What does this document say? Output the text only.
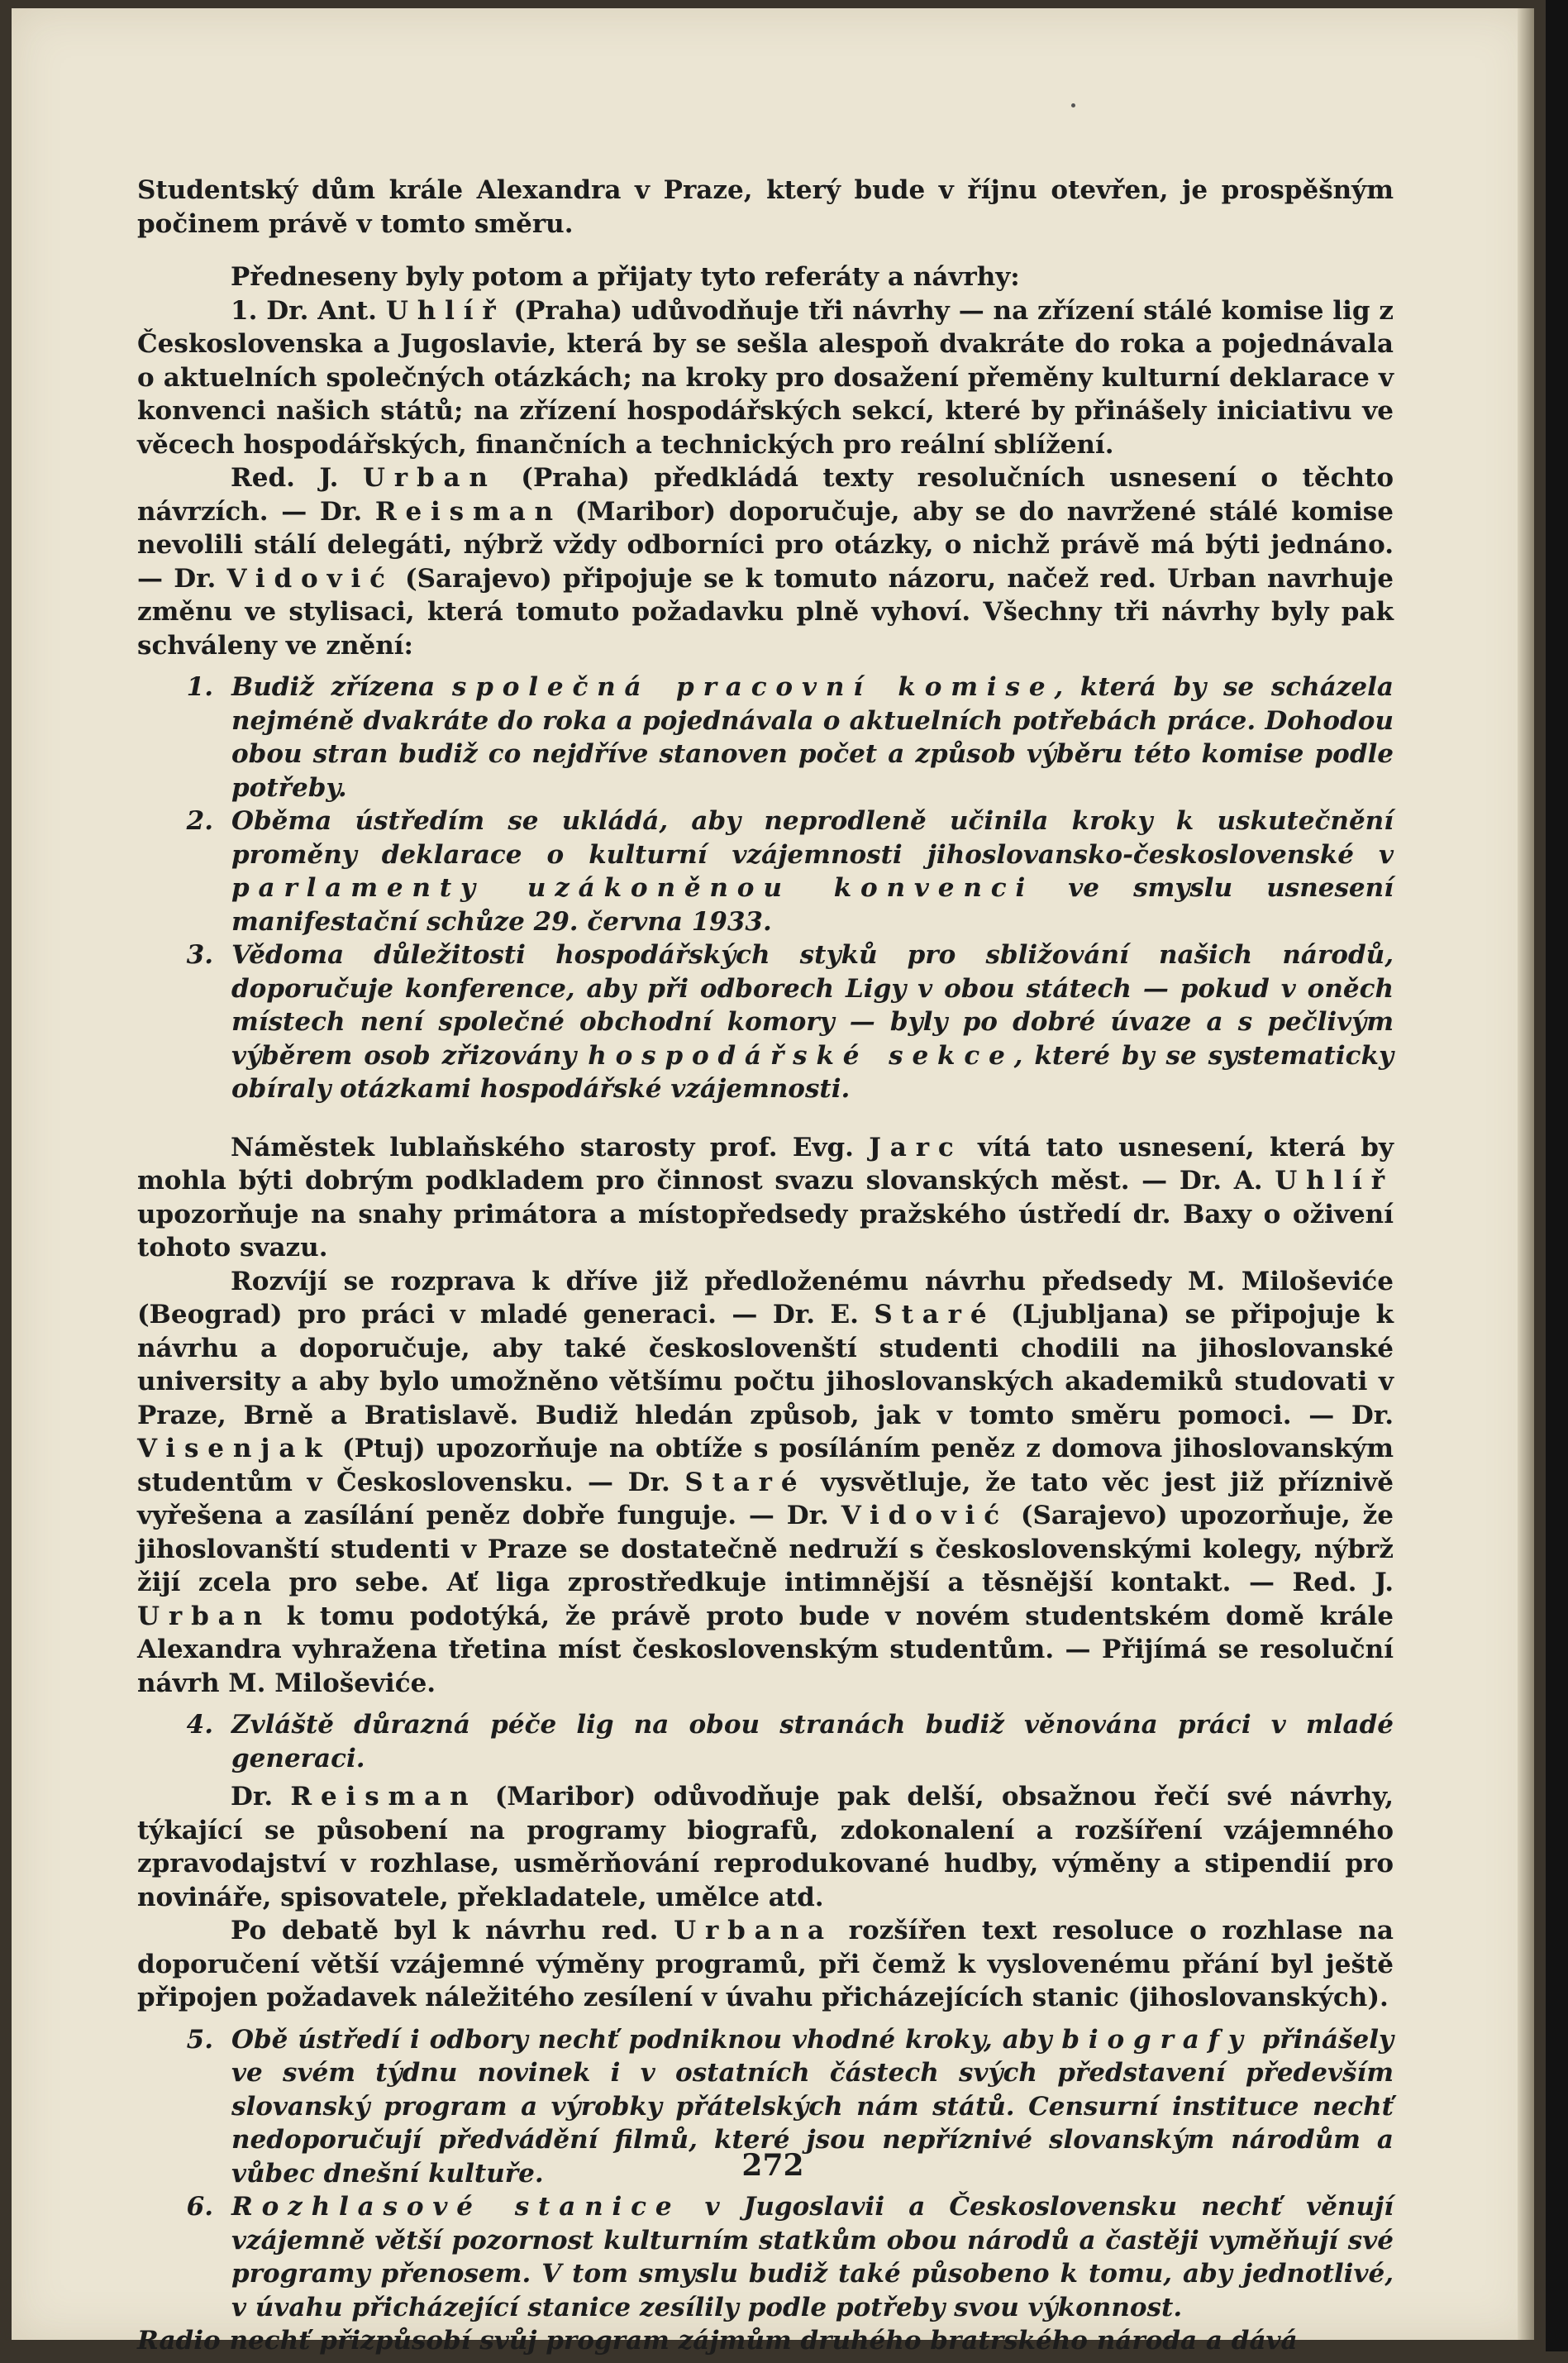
Studentský dům krále Alexandra v Praze, který bude v říjnu otevřen, je prospěšným počinem právě v tomto směru.

Předneseny byly potom a přijaty tyto referáty a návrhy:

1. Dr. Ant. Uhlíř (Praha) udůvodňuje tři návrhy — na zřízení stálé komise lig z Československa a Jugoslavie, která by se sešla alespoň dvakráte do roka a pojednávala o aktuelních společných otázkách; na kroky pro dosažení přeměny kulturní deklarace v konvenci našich států; na zřízení hospodářských sekcí, které by přinášely iniciativu ve věcech hospodářských, finančních a technických pro reální sblížení.

Red. J. Urban (Praha) předkládá texty resolučních usnesení o těchto návrzích. — Dr. Reisman (Maribor) doporučuje, aby se do navržené stálé komise nevolili stálí delegáti, nýbrž vždy odborníci pro otázky, o nichž právě má býti jednáno. — Dr. Vidović (Sarajevo) připojuje se k tomuto názoru, načež red. Urban navrhuje změnu ve stylisaci, která tomuto požadavku plně vyhoví. Všechny tři návrhy byly pak schváleny ve znění:

1. Budiž zřízena společná pracovní komise, která by se scházela nejméně dvakráte do roka a pojednávala o aktuelních potřebách práce. Dohodou obou stran budiž co nejdříve stanoven počet a způsob výběru této komise podle potřeby.
2. Oběma ústředím se ukládá, aby neprodleně učinila kroky k uskutečnění proměny deklarace o kulturní vzájemnosti jihoslovansko-československé v parlamenty uzákoněnou konvenci ve smyslu usnesení manifestační schůze 29. června 1933.
3. Vědoma důležitosti hospodářských styků pro sbližování našich národů, doporučuje konference, aby při odborech Ligy v obou státech — pokud v oněch místech není společné obchodní komory — byly po dobré úvaze a s pečlivým výběrem osob zřizovány hospodářské sekce, které by se systematicky obíraly otázkami hospodářské vzájemnosti.

Náměstek lublaňského starosty prof. Evg. Jarc vítá tato usnesení, která by mohla býti dobrým podkladem pro činnost svazu slovanských měst. — Dr. A. Uhlíř upozorňuje na snahy primátora a místopředsedy pražského ústředí dr. Baxy o oživení tohoto svazu.

Rozvíjí se rozprava k dříve již předloženému návrhu předsedy M. Miloševiće (Beograd) pro práci v mladé generaci. — Dr. E. Staré (Ljubljana) se připojuje k návrhu a doporučuje, aby také českoslovenští studenti chodili na jihoslovanské university a aby bylo umožněno většímu počtu jihoslovanských akademiků studovati v Praze, Brně a Bratislavě. Budiž hledán způsob, jak v tomto směru pomoci. — Dr. Visenjak (Ptuj) upozorňuje na obtíže s posíláním peněz z domova jihoslovanským studentům v Československu. — Dr. Staré vysvětluje, že tato věc jest již příznivě vyřešena a zasílání peněz dobře funguje. — Dr. Vidović (Sarajevo) upozorňuje, že jihoslovanští studenti v Praze se dostatečně nedruží s československými kolegy, nýbrž žijí zcela pro sebe. Ať liga zprostředkuje intimnější a těsnější kontakt. — Red. J. Urban k tomu podotýká, že právě proto bude v novém studentském domě krále Alexandra vyhražena třetina míst československým studentům. — Přijímá se resoluční návrh M. Miloševiće.

4. Zvláště důrazná péče lig na obou stranách budiž věnována práci v mladé generaci.

Dr. Reisman (Maribor) odůvodňuje pak delší, obsažnou řečí své návrhy, týkající se působení na programy biografů, zdokonalení a rozšíření vzájemného zpravodajství v rozhlase, usměrňování reprodukované hudby, výměny a stipendií pro novináře, spisovatele, překladatele, umělce atd.

Po debatě byl k návrhu red. Urbana rozšířen text resoluce o rozhlase na doporučení větší vzájemné výměny programů, při čemž k vyslovenému přání byl ještě připojen požadavek náležitého zesílení v úvahu přicházejících stanic (jihoslovanských).

5. Obě ústředí i odbory nechť podniknou vhodné kroky, aby biografy přinášely ve svém týdnu novinek i v ostatních částech svých představení především slovanský program a výrobky přátelských nám států. Censurní instituce nechť nedoporučují předvádění filmů, které jsou nepříznivé slovanským národům a vůbec dnešní kultuře.
6. Rozhlasové stanice v Jugoslavii a Československu nechť věnují vzájemně větší pozornost kulturním statkům obou národů a častěji vyměňují své programy přenosem. V tom smyslu budiž také působeno k tomu, aby jednotlivé, v úvahu přicházející stanice zesílily podle potřeby svou výkonnost.

Radio nechť přizpůsobí svůj program zájmům druhého bratrského národa a dává

272
